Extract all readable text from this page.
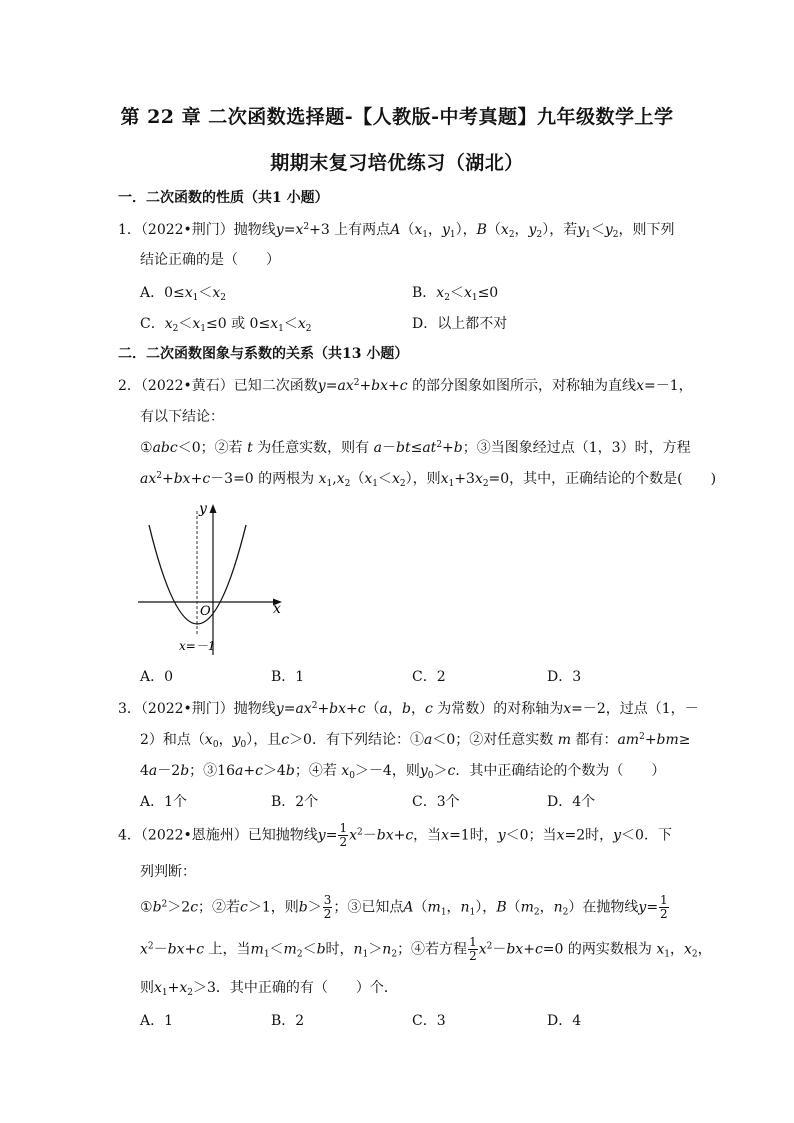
第 22 章 二次函数选择题-【人教版-中考真题】九年级数学上学
期期末复习培优练习（湖北）
一．二次函数的性质（共1 小题）
1．（2022•荆门）抛物线$y=x^2+3$ 上有两点$A(x_1$，$y_1$），$B(x_2$，$y_2$），若$y_1<y_2$，则下列
结论正确的是（　　）
A．$0\le x_1<x_2$	B．$x_2<x_1\le 0$
C．$x_2<x_1\le 0$ 或 $0\le x_1<x_2$	D．以上都不对
二．二次函数图象与系数的关系（共13 小题）
2．（2022•黄石）已知二次函数$y=ax^2+bx+c$ 的部分图象如图所示，对称轴为直线x=－1，
有以下结论：
①abc＜0；②若 t 为任意实数，则有 $a-bt\le at^2+b$；③当图象经过点（1，3）时，方程
$ax^2+bx+c-3=0$ 的两根为 $x_1,x_2(x_1<x_2)$，则$x_1+3x_2=0$，其中，正确结论的个数是(　　)
y
x
O
x=－1
A．0	B．1	C．2	D．3
3．（2022•荆门）抛物线$y=ax^2+bx+c(a$，b，c 为常数）的对称轴为x=－2，过点（1，－
2）和点（$x_0$，$y_0$），且c＞0．有下列结论：①a＜0；②对任意实数 m 都有：$am^2+bm\ge$
4a－2b；③16a+c＞4b；④若 $x_0>-4$，则$y_0>c$．其中正确结论的个数为（　　）
A．1个	B．2个	C．3个	D．4个
4．（2022•恩施州）已知抛物线$y= \frac{1}{2} x^2-bx+c$，当x=1时，y＜0；当x=2时，y＜0．下
列判断：
$①b^2>2c$；②若c＞1，则$b> \frac{3}{2}$ ；③已知点$A(m_1$，$n_1$），$B(m_2$，$n_2$）在抛物线$y= \frac{1}{2}$
$x^2-bx+c$ 上，当$m_1<m_2<b$时，$n_1>n_2$；④若方程 $\frac{1}{2} x^2-bx+c=0$ 的两实数根为 $x_1$，$x_2$，
则$x_1+x_2>3$．其中正确的有（　　）个．
A．1	B．2	C．3	D．4
